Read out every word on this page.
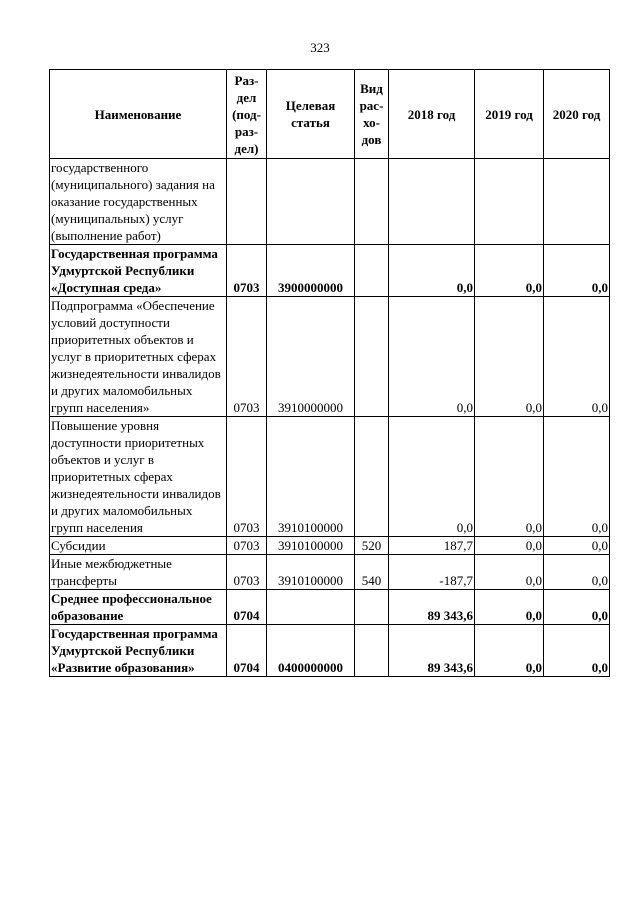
323
Наименование	Раз-
дел
(под-
раз-
дел)	Целевая
статья	Вид
рас-
хо-
дов	2018 год	2019 год	2020 год
государственного (муниципального) задания на оказание государственных (муниципальных) услуг (выполнение работ)						
Государственная программа Удмуртской Республики «Доступная среда»	0703	3900000000		0,0	0,0	0,0
Подпрограмма «Обеспечение условий доступности приоритетных объектов и услуг в приоритетных сферах жизнедеятельности инвалидов и других маломобильных групп населения»	0703	3910000000		0,0	0,0	0,0
Повышение уровня доступности приоритетных объектов и услуг в приоритетных сферах жизнедеятельности инвалидов и других маломобильных групп населения	0703	3910100000		0,0	0,0	0,0
Субсидии	0703	3910100000	520	187,7	0,0	0,0
Иные межбюджетные трансферты	0703	3910100000	540	-187,7	0,0	0,0
Среднее профессиональное образование	0704			89 343,6	0,0	0,0
Государственная программа Удмуртской Республики «Развитие образования»	0704	0400000000		89 343,6	0,0	0,0
